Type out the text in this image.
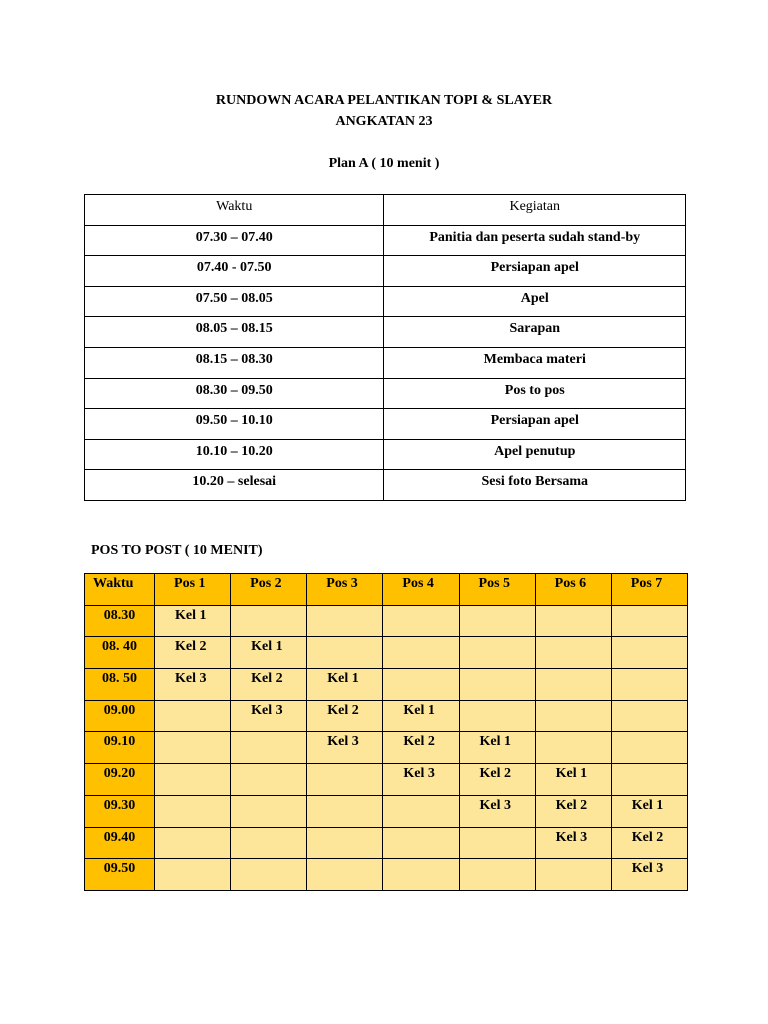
RUNDOWN ACARA PELANTIKAN TOPI & SLAYER
ANGKATAN 23
Plan A ( 10 menit )
Waktu	Kegiatan
07.30 – 07.40	Panitia dan peserta sudah stand-by
07.40 - 07.50	Persiapan apel
07.50 – 08.05	Apel
08.05 – 08.15	Sarapan
08.15 – 08.30	Membaca materi
08.30 – 09.50	Pos to pos
09.50 – 10.10	Persiapan apel
10.10 – 10.20	Apel penutup
10.20 – selesai	Sesi foto Bersama
POS TO POST ( 10 MENIT)
Waktu	Pos 1	Pos 2	Pos 3	Pos 4	Pos 5	Pos 6	Pos 7
08.30	Kel 1						
08. 40	Kel 2	Kel 1					
08. 50	Kel 3	Kel 2	Kel 1				
09.00		Kel 3	Kel 2	Kel 1			
09.10			Kel 3	Kel 2	Kel 1		
09.20				Kel 3	Kel 2	Kel 1	
09.30					Kel 3	Kel 2	Kel 1
09.40						Kel 3	Kel 2
09.50							Kel 3
